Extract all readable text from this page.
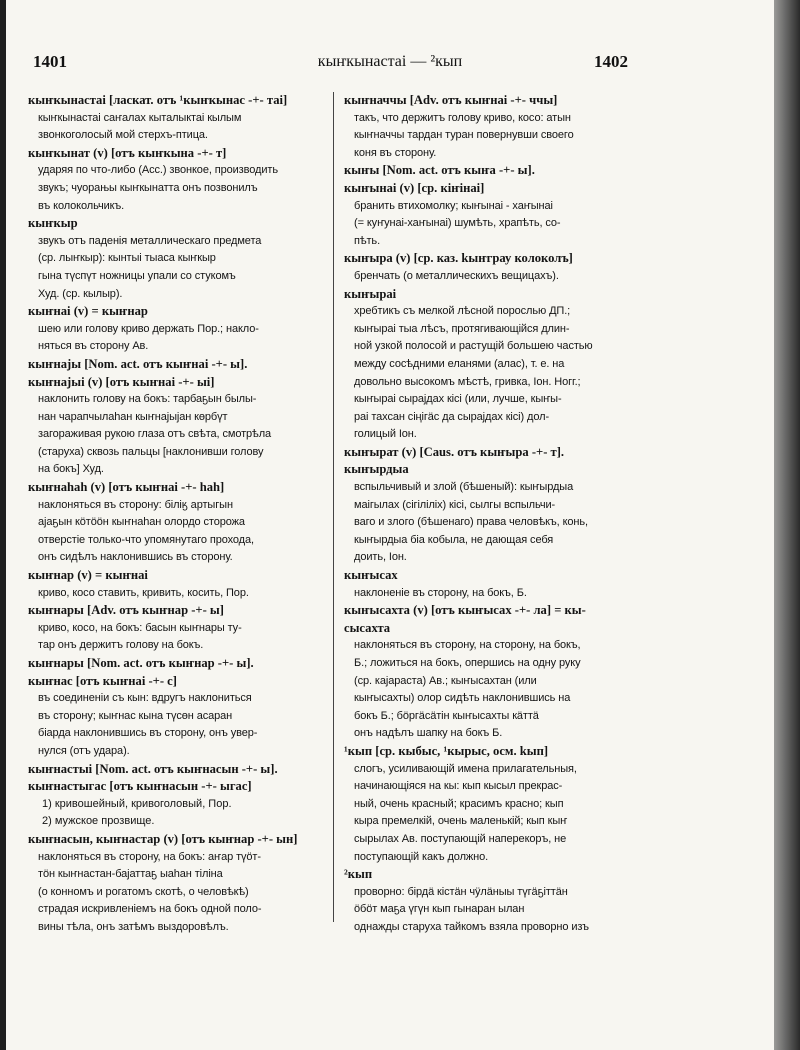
1401	кыҥкынастаі — ²кып	1402
кыҥкынастаі [ласкат. отъ ¹кыҥкынас -+- таі]
кыҥкынастаі саҥалах кыталыктаі кылым
звонкоголосый мой стерхъ-птица.
кыҥкынат (v) [отъ кыҥкына -+- т]
ударяя по что-либо (Acc.) звонкое, производить
звукъ; чуорањы кыҥкынатта онъ позвонилъ
въ колокольчикъ.
кыҥкыр
звукъ отъ паденія металлическаго предмета
(ср. лыҥкыр): кынтыі тыаса кыҥкыр
гына түспүт ножницы упали со стукомъ
Худ. (ср. кылыр).
кыҥнаі (v) = кыҥнар
шею или голову криво держать Пор.; накло-
няться въ сторону Ав.
кыҥнајы [Nom. act. отъ кыҥнаі -+- ы].
кыҥнајыі (v) [отъ кыҥнаі -+- ыі]
наклонить голову на бокъ: тарбаҕын былы-
нан чарапчылаһан кыҥнајыјан көрбүт
загораживая рукою глаза отъ свѣта, смотрѣла
(старуха) сквозь пальцы [наклонивши голову
на бокъ] Худ.
кыҥнаһаһ (v) [отъ кыҥнаі -+- һаһ]
наклоняться въ сторону: біліӄ артыгын
ајаҕын кӧтӧӧн кыҥнаһан олордо сторожа
отверстіе только-что упомянутаго прохода,
онъ сидѣлъ наклонившись въ сторону.
кыҥнар (v) = кыҥнаі
криво, косо ставить, кривить, косить, Пор.
кыҥнары [Adv. отъ кыҥнар -+- ы]
криво, косо, на бокъ: басын кыҥнары ту-
тар онъ держитъ голову на бокъ.
кыҥнары [Nom. act. отъ кыҥнар -+- ы].
кыҥнас [отъ кыҥнаі -+- с]
въ соединеніи съ кын: вдругъ наклониться
въ сторону; кыҥнас кына түсөн асаран
біарда наклонившись въ сторону, онъ увер-
нулся (отъ удара).
кыҥнастыі [Nom. act. отъ кыҥнасын -+- ы].
кыҥнастыгас [отъ кыҥнасын -+- ыгас]
1) кривошейный, кривоголовый, Пор.
2) мужское прозвище.
кыҥнасын, кыҥнастар (v) [отъ кыҥнар -+- ын]
наклоняться въ сторону, на бокъ: аҥар түӧт-
тӧн кыҥнастан-бајаттаҕ ыаһан тіліна
(о конномъ и рогатомъ скотѣ, о человѣкѣ)
страдая искривленіемъ на бокъ одной поло-
вины тѣла, онъ затѣмъ выздоровѣлъ.
кыҥначчы [Adv. отъ кыҥнаі -+- ччы]
такъ, что держитъ голову криво, косо: атын
кыҥначчы тардан туран повернувши своего
коня въ сторону.
кыҥы [Nom. act. отъ кыҥа -+- ы].
кыҥынаі (v) [ср. кіҥінаі]
бранить втихомолку; кыҥынаі - хаҥынаі
(= куҥунаі-хаҥынаі) шумѣть, храпѣть, со-
пѣть.
кыҥыра (v) [ср. каз. kыҥграу колоколъ]
бренчать (о металлическихъ вещицахъ).
кыҥыраі
хребтикъ съ мелкой лѣсной порослью ДП.;
кыҥыраі тыа лѣсъ, протягивающійся длин-
ной узкой полосой и растущій большею частью
между сосѣдними еланями (алас), т. е. на
довольно высокомъ мѣстѣ, гривка, Іон. Ногг.;
кыҥыраі сырајдах кісі (или, лучше, кыҥы-
раі тахсан сіңігӓс да сырајдах кісі) дол-
голицый Іон.
кыҥырат (v) [Caus. отъ кыҥыра -+- т].
кыҥырдыа
вспыльчивый и злой (бѣшеный): кыҥырдыа
маігылах (сігіліліх) кісі, сылгы вспыльчи-
ваго и злого (бѣшенаго) права человѣкъ, конь,
кыҥырдыа біа кобыла, не дающая себя
доить, Іон.
кыҥысах
наклоненіе въ сторону, на бокъ, Б.
кыҥысахта (v) [отъ кыҥысах -+- ла] = кы-
сысахта
наклоняться въ сторону, на сторону, на бокъ,
Б.; ложиться на бокъ, опершись на одну руку
(ср. кајараста) Ав.; кыҥысахтан (или
кыҥысахты) олор сидѣть наклонившись на
бокъ Б.; бӧргӓсӓтін кыҥысахты кӓттӓ
онъ надѣлъ шапку на бокъ Б.
¹кып [ср. кыбыс, ¹кырыс, осм. kып]
слогъ, усиливающій имена прилагательныя,
начинающіяся на кы: кып кысыл прекрас-
ный, очень красный; красимъ красно; кып
кыра премелкій, очень маленькій; кып кыҥ
сырылах Ав. поступающій наперекоръ, не
поступающій какъ должно.
²кып
проворно: бірдӓ кістӓн чӱлӓныы түгӓҕіттӓн
ӧбӧт маҕа үгүн кып гынаран ылан
однажды старуха тайкомъ взяла проворно изъ
